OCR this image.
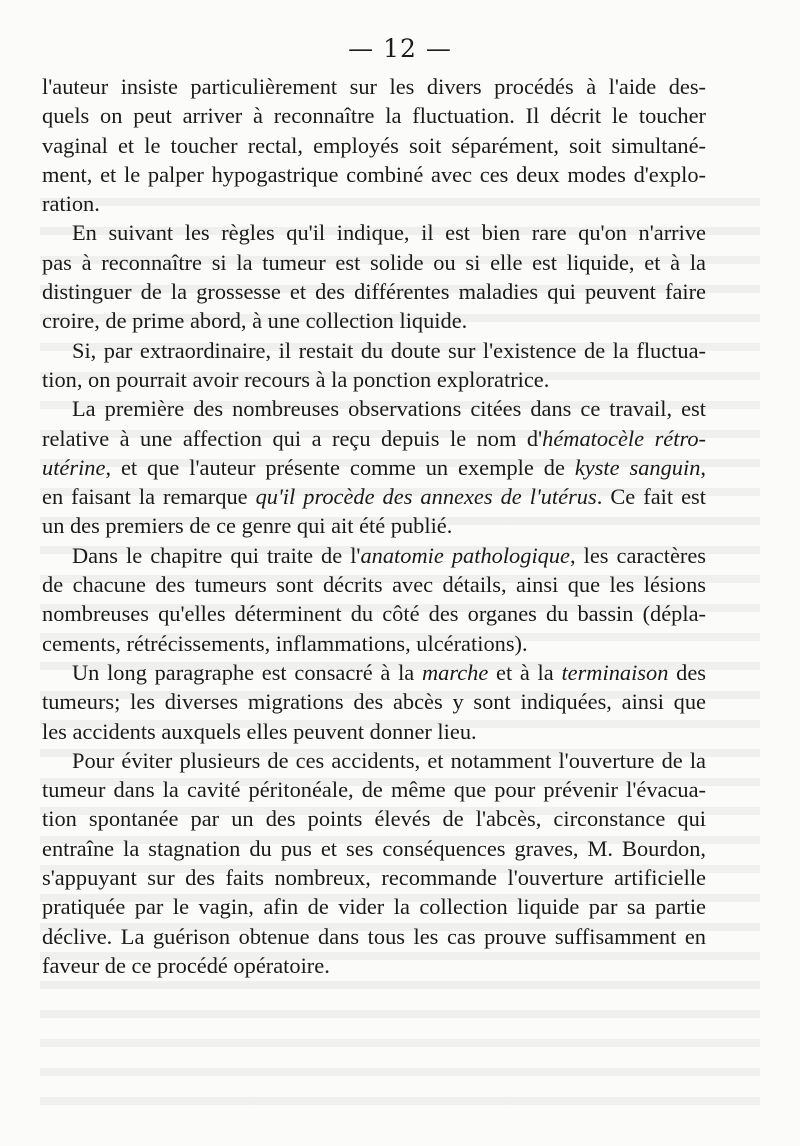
— 12 —
l'auteur insiste particulièrement sur les divers procédés à l'aide des-
quels on peut arriver à reconnaître la fluctuation. Il décrit le toucher
vaginal et le toucher rectal, employés soit séparément, soit simultané-
ment, et le palper hypogastrique combiné avec ces deux modes d'explo-
ration.
En suivant les règles qu'il indique, il est bien rare qu'on n'arrive
pas à reconnaître si la tumeur est solide ou si elle est liquide, et à la
distinguer de la grossesse et des différentes maladies qui peuvent faire
croire, de prime abord, à une collection liquide.
Si, par extraordinaire, il restait du doute sur l'existence de la fluctua-
tion, on pourrait avoir recours à la ponction exploratrice.
La première des nombreuses observations citées dans ce travail, est
relative à une affection qui a reçu depuis le nom d'hématocèle rétro-
utérine, et que l'auteur présente comme un exemple de kyste sanguin,
en faisant la remarque qu'il procède des annexes de l'utérus. Ce fait est
un des premiers de ce genre qui ait été publié.
Dans le chapitre qui traite de l'anatomie pathologique, les caractères
de chacune des tumeurs sont décrits avec détails, ainsi que les lésions
nombreuses qu'elles déterminent du côté des organes du bassin (dépla-
cements, rétrécissements, inflammations, ulcérations).
Un long paragraphe est consacré à la marche et à la terminaison des
tumeurs; les diverses migrations des abcès y sont indiquées, ainsi que
les accidents auxquels elles peuvent donner lieu.
Pour éviter plusieurs de ces accidents, et notamment l'ouverture de la
tumeur dans la cavité péritonéale, de même que pour prévenir l'évacua-
tion spontanée par un des points élevés de l'abcès, circonstance qui
entraîne la stagnation du pus et ses conséquences graves, M. Bourdon,
s'appuyant sur des faits nombreux, recommande l'ouverture artificielle
pratiquée par le vagin, afin de vider la collection liquide par sa partie
déclive. La guérison obtenue dans tous les cas prouve suffisamment en
faveur de ce procédé opératoire.
